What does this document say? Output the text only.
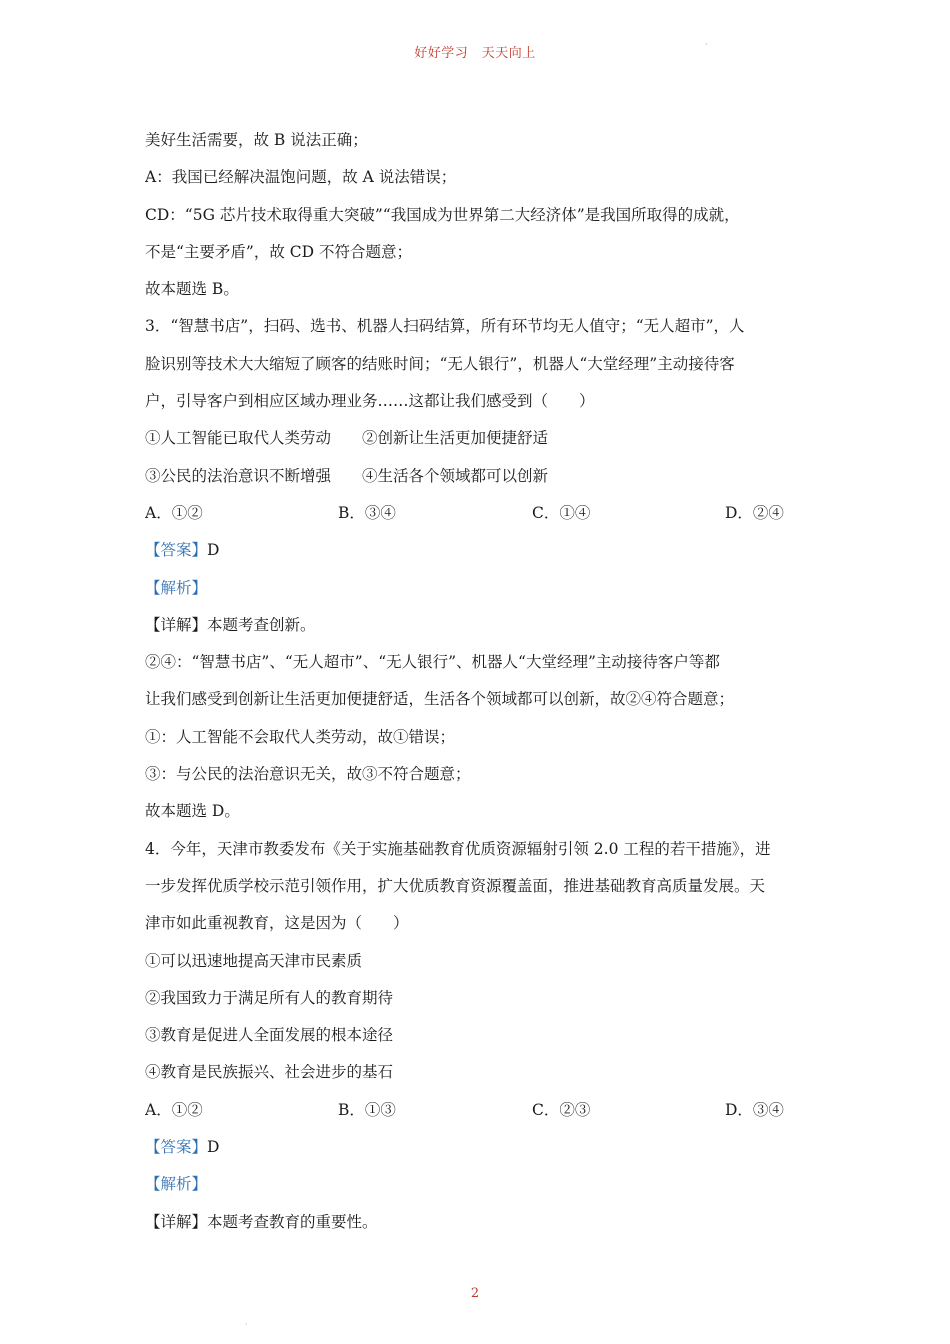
好好学习　天天向上
·
美好生活需要，故 B 说法正确；
A：我国已经解决温饱问题，故 A 说法错误；
CD：“5G 芯片技术取得重大突破”“我国成为世界第二大经济体”是我国所取得的成就，
不是“主要矛盾”，故 CD 不符合题意；
故本题选 B。
3．“智慧书店”，扫码、选书、机器人扫码结算，所有环节均无人值守；“无人超市”，人
脸识别等技术大大缩短了顾客的结账时间；“无人银行”，机器人“大堂经理”主动接待客
户，引导客户到相应区域办理业务……这都让我们感受到（　　）
①人工智能已取代人类劳动　　②创新让生活更加便捷舒适
③公民的法治意识不断增强　　④生活各个领域都可以创新
A．①②	B．③④	C．①④	D．②④
【答案】D
【解析】
【详解】本题考查创新。
②④：“智慧书店”、“无人超市”、“无人银行”、机器人“大堂经理”主动接待客户等都
让我们感受到创新让生活更加便捷舒适，生活各个领域都可以创新，故②④符合题意；
①：人工智能不会取代人类劳动，故①错误；
③：与公民的法治意识无关，故③不符合题意；
故本题选 D。
4．今年，天津市教委发布《关于实施基础教育优质资源辐射引领 2.0 工程的若干措施》，进
一步发挥优质学校示范引领作用，扩大优质教育资源覆盖面，推进基础教育高质量发展。天
津市如此重视教育，这是因为（　　）
①可以迅速地提高天津市民素质
②我国致力于满足所有人的教育期待
③教育是促进人全面发展的根本途径
④教育是民族振兴、社会进步的基石
A．①②	B．①③	C．②③	D．③④
【答案】D
【解析】
【详解】本题考查教育的重要性。
2
·
